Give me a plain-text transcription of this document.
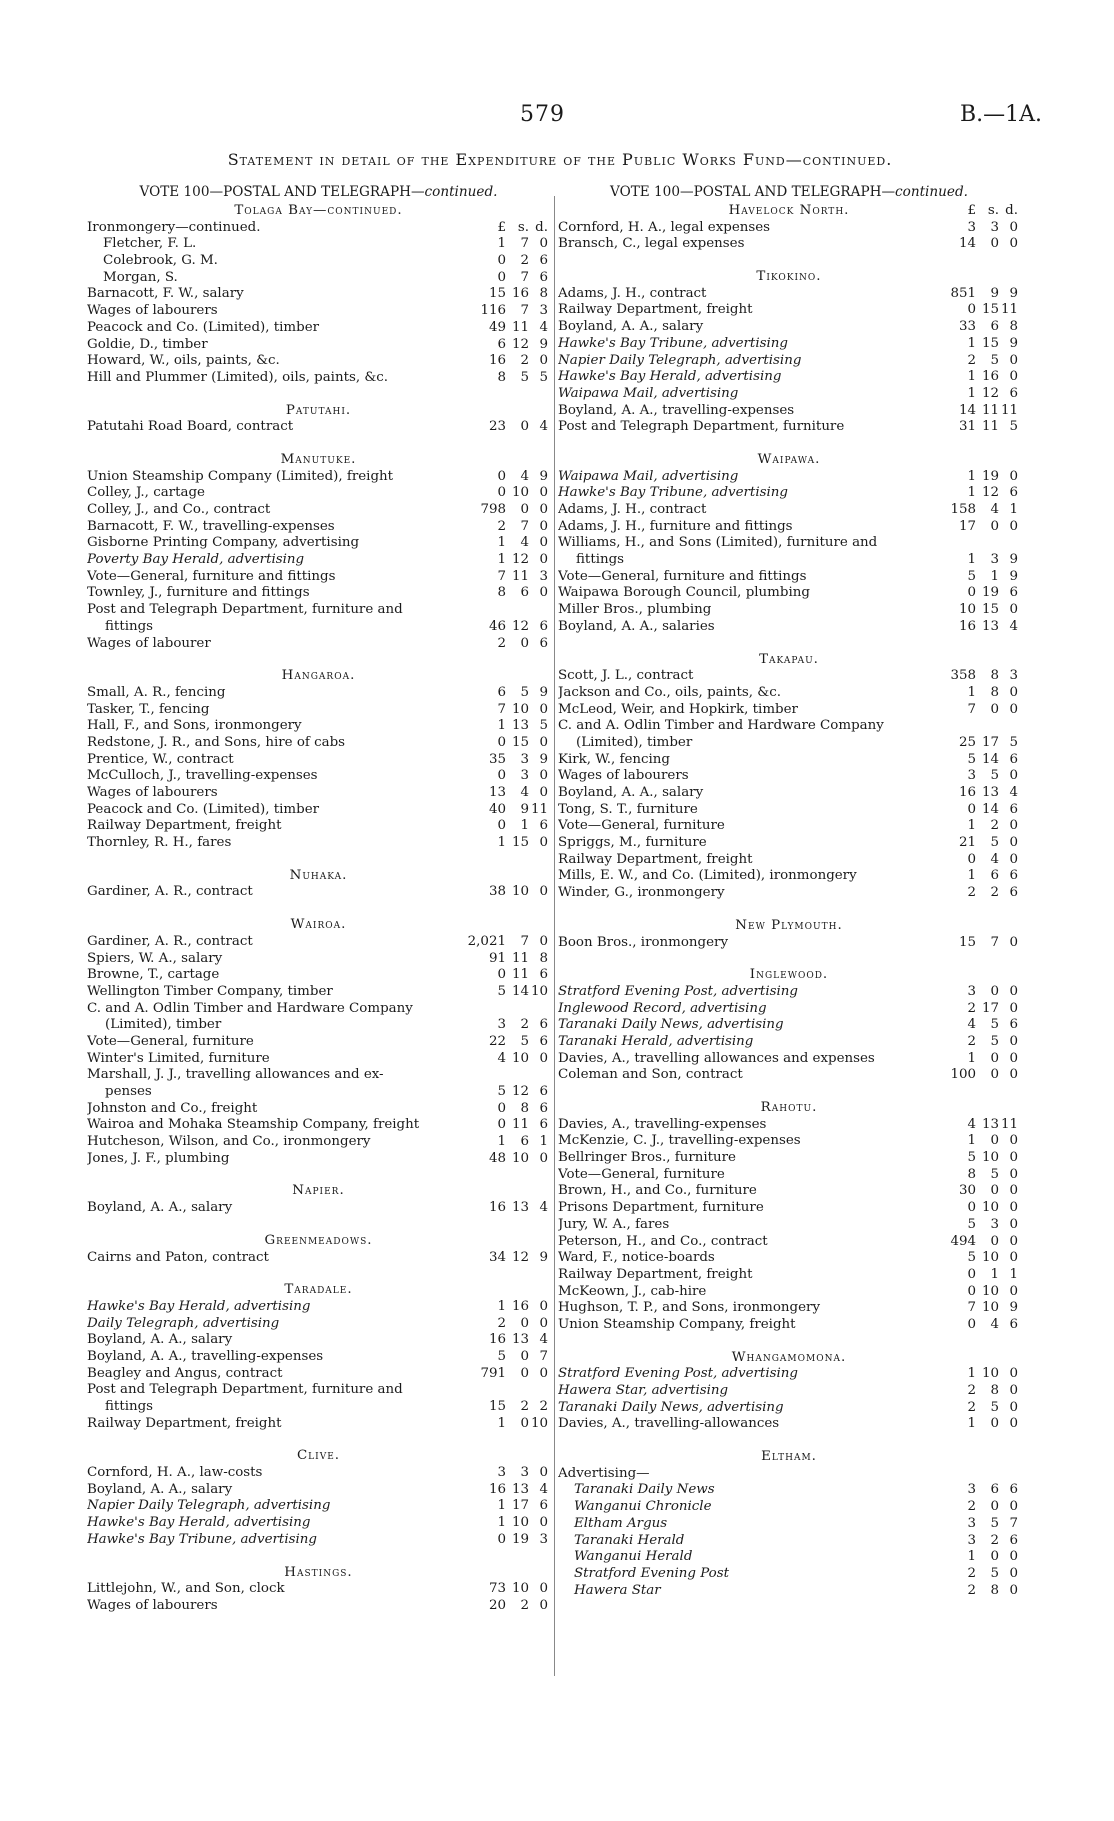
579	B.—1A.
Statement in detail of the Expenditure of the Public Works Fund—continued.
VOTE 100—POSTAL AND TELEGRAPH—continued.
Tolaga Bay—continued.
Ironmongery—continued.	£ s. d.
Fletcher, F. L.	1	7 0
Colebrook, G. M.	0	2 6
Morgan, S.	0	7 6
Barnacott, F. W., salary	15 16 8
Wages of labourers	116	7 3
Peacock and Co. (Limited), timber	49 11 4
Goldie, D., timber	6 12 9
Howard, W., oils, paints, &c.	16	2 0
Hill and Plummer (Limited), oils, paints, &c.	8	5 5
Patutahi.
Patutahi Road Board, contract	23	0 4
Manutuke.
Union Steamship Company (Limited), freight	0	4 9
Colley, J., cartage	0 10 0
Colley, J., and Co., contract	798	0 0
Barnacott, F. W., travelling-expenses	2	7 0
Gisborne Printing Company, advertising	1	4 0
Poverty Bay Herald, advertising	1 12 0
Vote—General, furniture and fittings	7 11 3
Townley, J., furniture and fittings	8	6 0
Post and Telegraph Department, furniture and
fittings	46 12 6
Wages of labourer	2	0 6
Hangaroa.
Small, A. R., fencing	6	5 9
Tasker, T., fencing	7 10 0
Hall, F., and Sons, ironmongery	1 13 5
Redstone, J. R., and Sons, hire of cabs	0 15 0
Prentice, W., contract	35	3 9
McCulloch, J., travelling-expenses	0	3 0
Wages of labourers	13	4 0
Peacock and Co. (Limited), timber	40	9 11
Railway Department, freight	0	1 6
Thornley, R. H., fares	1 15 0
Nuhaka.
Gardiner, A. R., contract	38 10 0
Wairoa.
Gardiner, A. R., contract	2,021	7 0
Spiers, W. A., salary	91 11 8
Browne, T., cartage	0 11 6
Wellington Timber Company, timber	5 14 10
C. and A. Odlin Timber and Hardware Company
(Limited), timber	3	2 6
Vote—General, furniture	22	5 6
Winter's Limited, furniture	4 10 0
Marshall, J. J., travelling allowances and ex-
penses	5 12 6
Johnston and Co., freight	0	8 6
Wairoa and Mohaka Steamship Company, freight	0 11 6
Hutcheson, Wilson, and Co., ironmongery	1	6 1
Jones, J. F., plumbing	48 10 0
Napier.
Boyland, A. A., salary	16 13 4
Greenmeadows.
Cairns and Paton, contract	34 12 9
Taradale.
Hawke's Bay Herald, advertising	1 16 0
Daily Telegraph, advertising	2	0 0
Boyland, A. A., salary	16 13 4
Boyland, A. A., travelling-expenses	5	0 7
Beagley and Angus, contract	791	0 0
Post and Telegraph Department, furniture and
fittings	15	2 2
Railway Department, freight	1	0 10
Clive.
Cornford, H. A., law-costs	3	3 0
Boyland, A. A., salary	16 13 4
Napier Daily Telegraph, advertising	1 17 6
Hawke's Bay Herald, advertising	1 10 0
Hawke's Bay Tribune, advertising	0 19 3
Hastings.
Littlejohn, W., and Son, clock	73 10 0
Wages of labourers	20	2 0
VOTE 100—POSTAL AND TELEGRAPH—continued.
Havelock North.	£ s. d.
Cornford, H. A., legal expenses	3	3 0
Bransch, C., legal expenses	14	0 0
Tikokino.
Adams, J. H., contract	851	9 9
Railway Department, freight	0 15 11
Boyland, A. A., salary	33	6 8
Hawke's Bay Tribune, advertising	1 15 9
Napier Daily Telegraph, advertising	2	5 0
Hawke's Bay Herald, advertising	1 16 0
Waipawa Mail, advertising	1 12 6
Boyland, A. A., travelling-expenses	14 11 11
Post and Telegraph Department, furniture	31 11 5
Waipawa.
Waipawa Mail, advertising	1 19 0
Hawke's Bay Tribune, advertising	1 12 6
Adams, J. H., contract	158	4 1
Adams, J. H., furniture and fittings	17	0 0
Williams, H., and Sons (Limited), furniture and
fittings	1	3 9
Vote—General, furniture and fittings	5	1 9
Waipawa Borough Council, plumbing	0 19 6
Miller Bros., plumbing	10 15 0
Boyland, A. A., salaries	16 13 4
Takapau.
Scott, J. L., contract	358	8 3
Jackson and Co., oils, paints, &c.	1	8 0
McLeod, Weir, and Hopkirk, timber	7	0 0
C. and A. Odlin Timber and Hardware Company
(Limited), timber	25 17 5
Kirk, W., fencing	5 14 6
Wages of labourers	3	5 0
Boyland, A. A., salary	16 13 4
Tong, S. T., furniture	0 14 6
Vote—General, furniture	1	2 0
Spriggs, M., furniture	21	5 0
Railway Department, freight	0	4 0
Mills, E. W., and Co. (Limited), ironmongery	1	6 6
Winder, G., ironmongery	2	2 6
New Plymouth.
Boon Bros., ironmongery	15	7 0
Inglewood.
Stratford Evening Post, advertising	3	0 0
Inglewood Record, advertising	2 17 0
Taranaki Daily News, advertising	4	5 6
Taranaki Herald, advertising	2	5 0
Davies, A., travelling allowances and expenses	1	0 0
Coleman and Son, contract	100	0 0
Rahotu.
Davies, A., travelling-expenses	4 13 11
McKenzie, C. J., travelling-expenses	1	0 0
Bellringer Bros., furniture	5 10 0
Vote—General, furniture	8	5 0
Brown, H., and Co., furniture	30	0 0
Prisons Department, furniture	0 10 0
Jury, W. A., fares	5	3 0
Peterson, H., and Co., contract	494	0 0
Ward, F., notice-boards	5 10 0
Railway Department, freight	0	1 1
McKeown, J., cab-hire	0 10 0
Hughson, T. P., and Sons, ironmongery	7 10 9
Union Steamship Company, freight	0	4 6
Whangamomona.
Stratford Evening Post, advertising	1 10 0
Hawera Star, advertising	2	8 0
Taranaki Daily News, advertising	2	5 0
Davies, A., travelling-allowances	1	0 0
Eltham.
Advertising—
Taranaki Daily News	3	6 6
Wanganui Chronicle	2	0 0
Eltham Argus	3	5 7
Taranaki Herald	3	2 6
Wanganui Herald	1	0 0
Stratford Evening Post	2	5 0
Hawera Star	2	8 0
